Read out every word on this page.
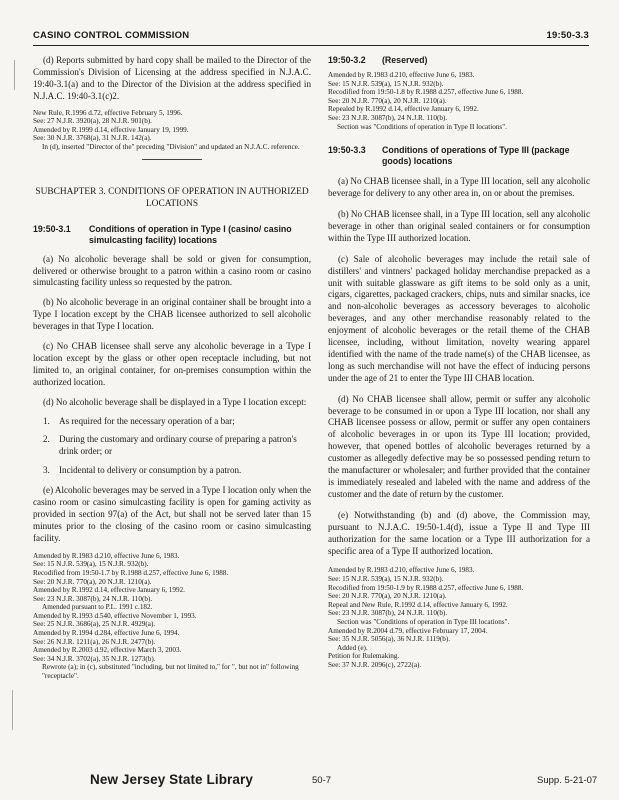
CASINO CONTROL COMMISSION	19:50-3.3

(d) Reports submitted by hard copy shall be mailed to the Director of the Commission's Division of Licensing at the address specified in N.J.A.C. 19:40-3.1(a) and to the Director of the Division at the address specified in N.J.A.C. 19:40-3.1(c)2.

New Rule, R.1996 d.72, effective February 5, 1996.
See: 27 N.J.R. 3920(a), 28 N.J.R. 901(b).
Amended by R.1999 d.14, effective January 19, 1999.
See: 30 N.J.R. 3768(a), 31 N.J.R. 142(a).
In (d), inserted "Director of the" preceding "Division" and updated an N.J.A.C. reference.

SUBCHAPTER 3. CONDITIONS OF OPERATION IN AUTHORIZED LOCATIONS

19:50-3.1	Conditions of operation in Type I (casino/ casino simulcasting facility) locations

(a) No alcoholic beverage shall be sold or given for consumption, delivered or otherwise brought to a patron within a casino room or casino simulcasting facility unless so requested by the patron.

(b) No alcoholic beverage in an original container shall be brought into a Type I location except by the CHAB licensee authorized to sell alcoholic beverages in that Type I location.

(c) No CHAB licensee shall serve any alcoholic beverage in a Type I location except by the glass or other open receptacle including, but not limited to, an original container, for on-premises consumption within the authorized location.

(d) No alcoholic beverage shall be displayed in a Type I location except:

1.	As required for the necessary operation of a bar;
2.	During the customary and ordinary course of preparing a patron's drink order; or
3.	Incidental to delivery or consumption by a patron.

(e) Alcoholic beverages may be served in a Type I location only when the casino room or casino simulcasting facility is open for gaming activity as provided in section 97(a) of the Act, but shall not be served later than 15 minutes prior to the closing of the casino room or casino simulcasting facility.

Amended by R.1983 d.210, effective June 6, 1983.
See: 15 N.J.R. 539(a), 15 N.J.R. 932(b).
Recodified from 19:50-1.7 by R.1988 d.257, effective June 6, 1988.
See: 20 N.J.R. 770(a), 20 N.J.R. 1210(a).
Amended by R.1992 d.14, effective January 6, 1992.
See: 23 N.J.R. 3087(b), 24 N.J.R. 110(b).
Amended pursuant to P.L. 1991 c.182.
Amended by R.1993 d.540, effective November 1, 1993.
See: 25 N.J.R. 3686(a), 25 N.J.R. 4929(a).
Amended by R.1994 d.284, effective June 6, 1994.
See: 26 N.J.R. 1211(a), 26 N.J.R. 2477(b).
Amended by R.2003 d.92, effective March 3, 2003.
See: 34 N.J.R. 3702(a), 35 N.J.R. 1273(b).
Rewrote (a); in (c), substituted "including, but not limited to," for ", but not in" following "receptacle".
19:50-3.2	(Reserved)
Amended by R.1983 d.210, effective June 6, 1983.
See: 15 N.J.R. 539(a), 15 N.J.R. 932(b).
Recodified from 19:50-1.8 by R.1988 d.257, effective June 6, 1988.
See: 20 N.J.R. 770(a), 20 N.J.R. 1210(a).
Repealed by R.1992 d.14, effective January 6, 1992.
See: 23 N.J.R. 3087(b), 24 N.J.R. 110(b).
Section was "Conditions of operation in Type II locations".
19:50-3.3	Conditions of operations of Type III (package goods) locations

(a) No CHAB licensee shall, in a Type III location, sell any alcoholic beverage for delivery to any other area in, on or about the premises.

(b) No CHAB licensee shall, in a Type III location, sell any alcoholic beverage in other than original sealed containers or for consumption within the Type III authorized location.

(c) Sale of alcoholic beverages may include the retail sale of distillers' and vintners' packaged holiday merchandise prepacked as a unit with suitable glassware as gift items to be sold only as a unit, cigars, cigarettes, packaged crackers, chips, nuts and similar snacks, ice and non-alcoholic beverages as accessory beverages to alcoholic beverages, and any other merchandise reasonably related to the enjoyment of alcoholic beverages or the retail theme of the CHAB licensee, including, without limitation, novelty wearing apparel identified with the name of the trade name(s) of the CHAB licensee, as long as such merchandise will not have the effect of inducing persons under the age of 21 to enter the Type III CHAB location.

(d) No CHAB licensee shall allow, permit or suffer any alcoholic beverage to be consumed in or upon a Type III location, nor shall any CHAB licensee possess or allow, permit or suffer any open containers of alcoholic beverages in or upon its Type III location; provided, however, that opened bottles of alcoholic beverages returned by a customer as allegedly defective may be so possessed pending return to the manufacturer or wholesaler; and further provided that the container is immediately resealed and labeled with the name and address of the customer and the date of return by the customer.

(e) Notwithstanding (b) and (d) above, the Commission may, pursuant to N.J.A.C. 19:50-1.4(d), issue a Type II and Type III authorization for the same location or a Type III authorization for a specific area of a Type II authorized location.

Amended by R.1983 d.210, effective June 6, 1983.
See: 15 N.J.R. 539(a), 15 N.J.R. 932(b).
Recodified from 19:50-1.9 by R.1988 d.257, effective June 6, 1988.
See: 20 N.J.R. 770(a), 20 N.J.R. 1210(a).
Repeal and New Rule, R.1992 d.14, effective January 6, 1992.
See: 23 N.J.R. 3087(b), 24 N.J.R. 110(b).
Section was "Conditions of operation in Type III locations".
Amended by R.2004 d.79, effective February 17, 2004.
See: 35 N.J.R. 5056(a), 36 N.J.R. 1119(b).
Added (e).
Petition for Rulemaking.
See: 37 N.J.R. 2096(c), 2722(a).
New Jersey State Library	50-7	Supp. 5-21-07
